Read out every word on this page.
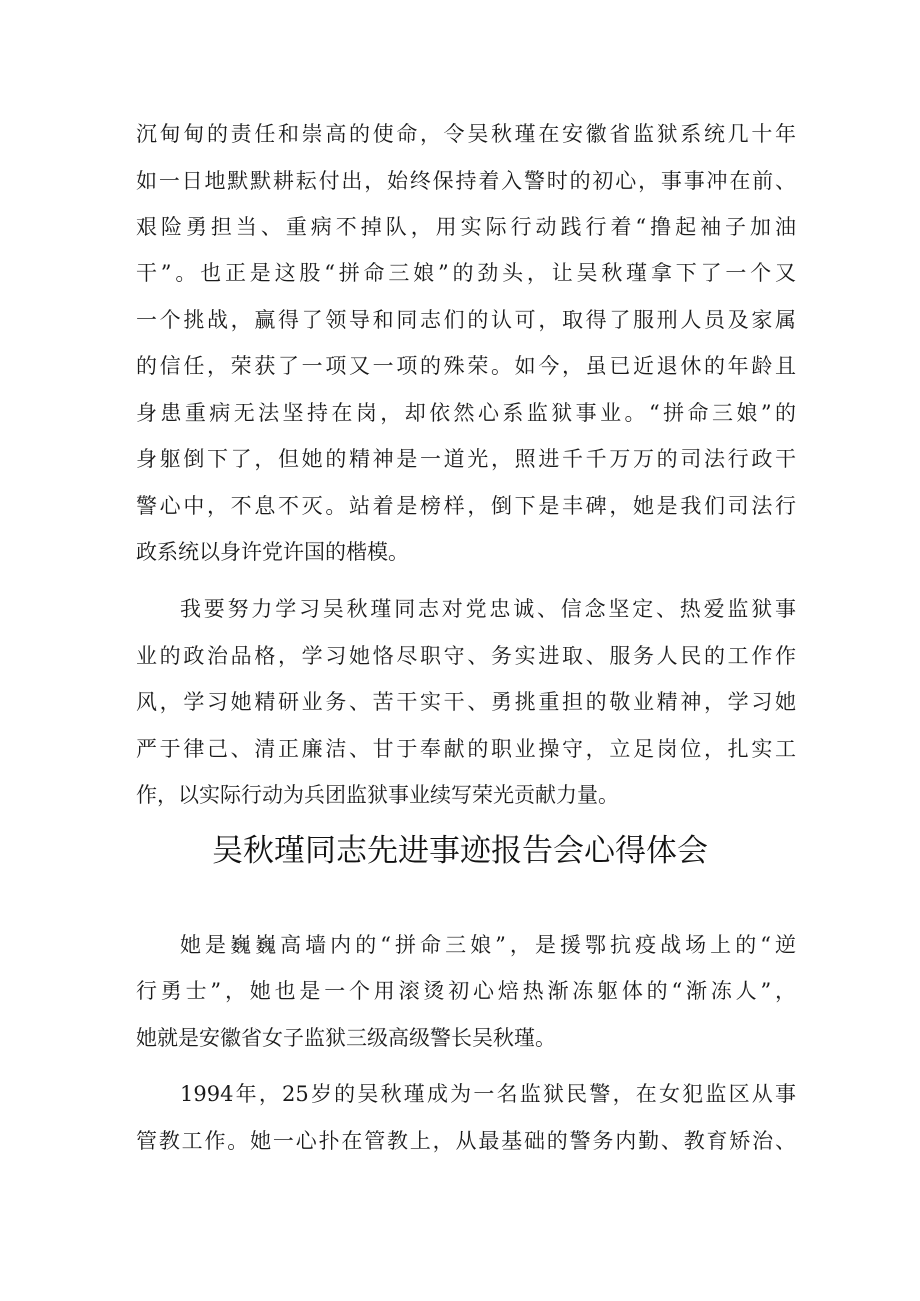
沉甸甸的责任和崇高的使命，令吴秋瑾在安徽省监狱系统几十年

如一日地默默耕耘付出，始终保持着入警时的初心，事事冲在前、

艰险勇担当、重病不掉队，用实际行动践行着“撸起袖子加油

干”。也正是这股“拼命三娘”的劲头，让吴秋瑾拿下了一个又

一个挑战，赢得了领导和同志们的认可，取得了服刑人员及家属

的信任，荣获了一项又一项的殊荣。如今，虽已近退休的年龄且

身患重病无法坚持在岗，却依然心系监狱事业。“拼命三娘”的

身躯倒下了，但她的精神是一道光，照进千千万万的司法行政干

警心中，不息不灭。站着是榜样，倒下是丰碑，她是我们司法行

政系统以身许党许国的楷模。

我要努力学习吴秋瑾同志对党忠诚、信念坚定、热爱监狱事

业的政治品格，学习她恪尽职守、务实进取、服务人民的工作作

风，学习她精研业务、苦干实干、勇挑重担的敬业精神，学习她

严于律己、清正廉洁、甘于奉献的职业操守，立足岗位，扎实工

作，以实际行动为兵团监狱事业续写荣光贡献力量。

吴秋瑾同志先进事迹报告会心得体会

她是巍巍高墙内的“拼命三娘”，是援鄂抗疫战场上的“逆

行勇士”，她也是一个用滚烫初心焙热渐冻躯体的“渐冻人”，

她就是安徽省女子监狱三级高级警长吴秋瑾。

1994年，25岁的吴秋瑾成为一名监狱民警，在女犯监区从事

管教工作。她一心扑在管教上，从最基础的警务内勤、教育矫治、
